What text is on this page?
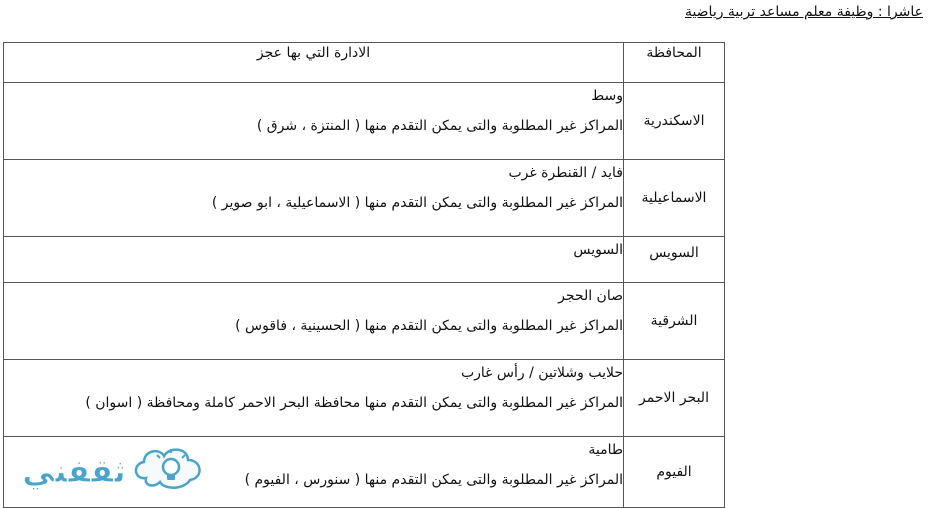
عاشرا : وظيفة معلم مساعد تربية رياضية
المحافظة	الادارة التي بها عجز
الاسكندرية	وسط
المراكز غير المطلوبة والتى يمكن التقدم منها ( المنتزة ، شرق )

الاسماعيلية	فايد / القنطرة غرب
المراكز غير المطلوبة والتى يمكن التقدم منها ( الاسماعيلية ، ابو صوير )

السويس	السويس

الشرقية	صان الحجر
المراكز غير المطلوبة والتى يمكن التقدم منها ( الحسينية ، فاقوس )

البحر الاحمر	حلايب وشلاتين / رأس غارب
المراكز غير المطلوبة والتى يمكن التقدم منها محافظة البحر الاحمر كاملة ومحافظة ( اسوان )

الفيوم	طامية
المراكز غير المطلوبة والتى يمكن التقدم منها ( سنورس ، الفيوم )
ثقفني
